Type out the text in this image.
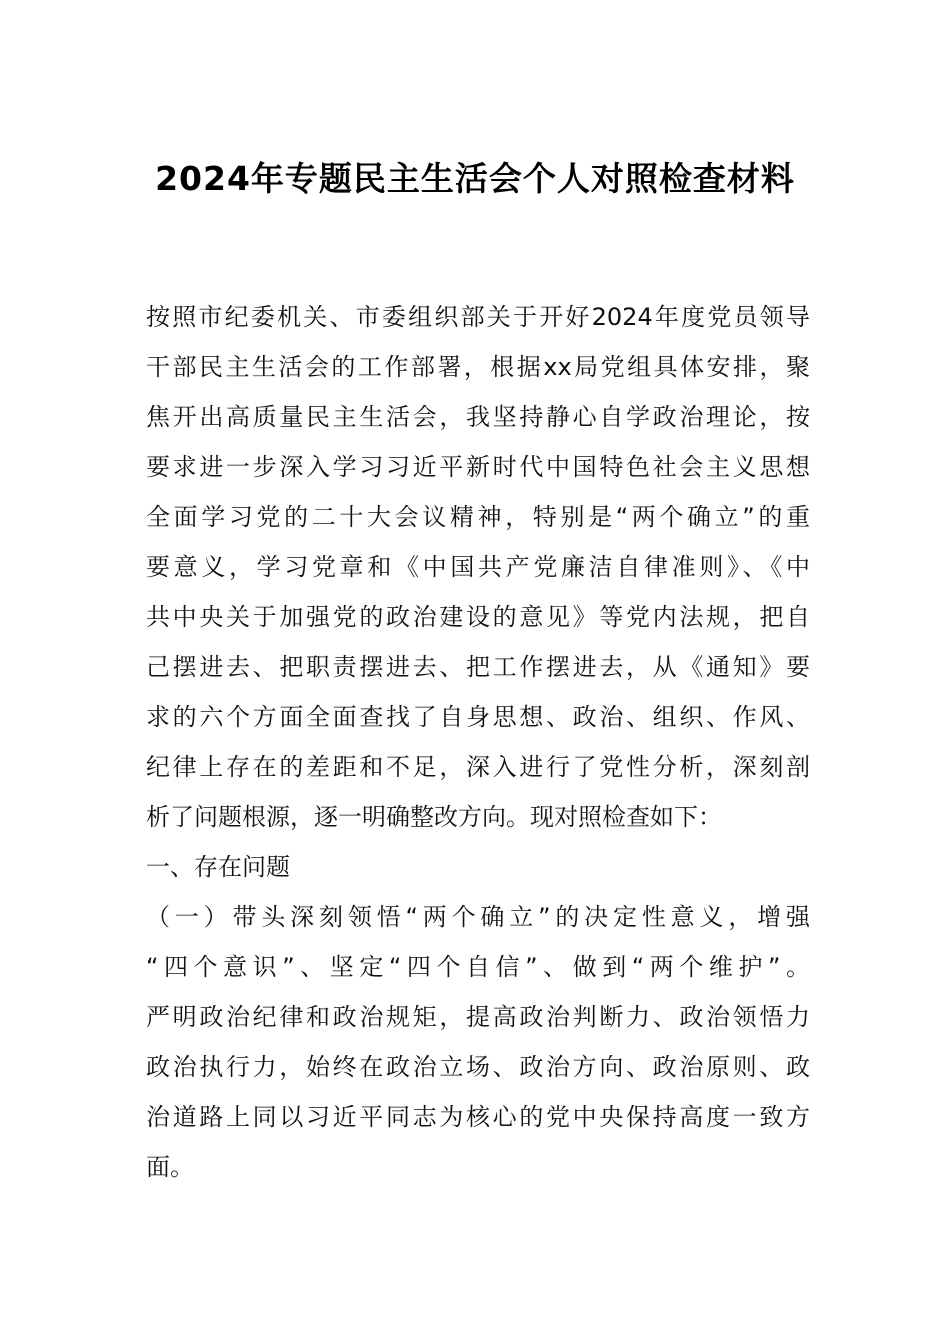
2024年专题民主生活会个人对照检查材料
按照市纪委机关、市委组织部关于开好2024年度党员领导
干部民主生活会的工作部署，根据xx局党组具体安排，聚
焦开出高质量民主生活会，我坚持静心自学政治理论，按
要求进一步深入学习习近平新时代中国特色社会主义思想
全面学习党的二十大会议精神，特别是“两个确立”的重
要意义，学习党章和《中国共产党廉洁自律准则》、《中
共中央关于加强党的政治建设的意见》等党内法规，把自
己摆进去、把职责摆进去、把工作摆进去，从《通知》要
求的六个方面全面查找了自身思想、政治、组织、作风、
纪律上存在的差距和不足，深入进行了党性分析，深刻剖
析了问题根源，逐一明确整改方向。现对照检查如下：
一、存在问题
（一）带头深刻领悟“两个确立”的决定性意义，增强
“四个意识”、坚定“四个自信”、做到“两个维护”。
严明政治纪律和政治规矩，提高政治判断力、政治领悟力
政治执行力，始终在政治立场、政治方向、政治原则、政
治道路上同以习近平同志为核心的党中央保持高度一致方
面。
